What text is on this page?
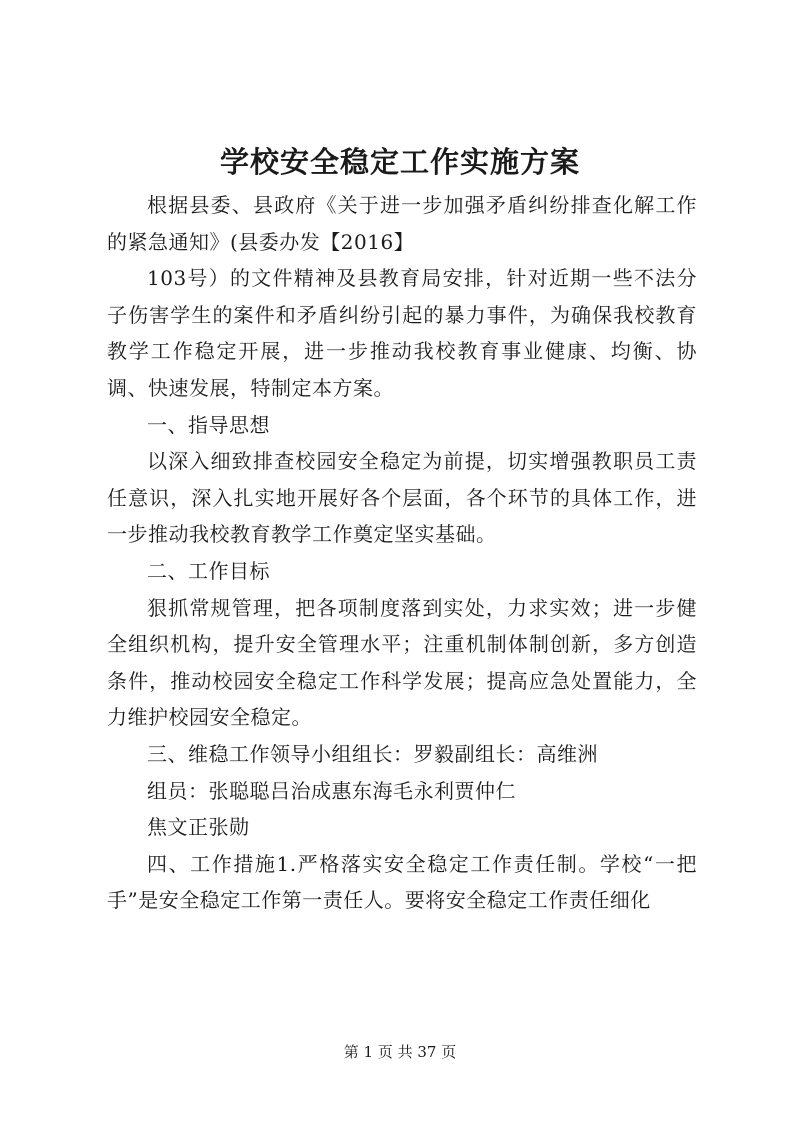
学校安全稳定工作实施方案

根据县委、县政府《关于进一步加强矛盾纠纷排查化解工作的紧急通知》(县委办发【2016】

103号）的文件精神及县教育局安排，针对近期一些不法分子伤害学生的案件和矛盾纠纷引起的暴力事件，为确保我校教育教学工作稳定开展，进一步推动我校教育事业健康、均衡、协调、快速发展，特制定本方案。

一、指导思想

以深入细致排查校园安全稳定为前提，切实增强教职员工责任意识，深入扎实地开展好各个层面，各个环节的具体工作，进一步推动我校教育教学工作奠定坚实基础。

二、工作目标

狠抓常规管理，把各项制度落到实处，力求实效；进一步健全组织机构，提升安全管理水平；注重机制体制创新，多方创造条件，推动校园安全稳定工作科学发展；提高应急处置能力，全力维护校园安全稳定。

三、维稳工作领导小组组长：罗毅副组长：高维洲

组员：张聪聪吕治成惠东海毛永利贾仲仁

焦文正张勋

四、工作措施1.严格落实安全稳定工作责任制。学校“一把手”是安全稳定工作第一责任人。要将安全稳定工作责任细化

第 1 页 共 37 页
